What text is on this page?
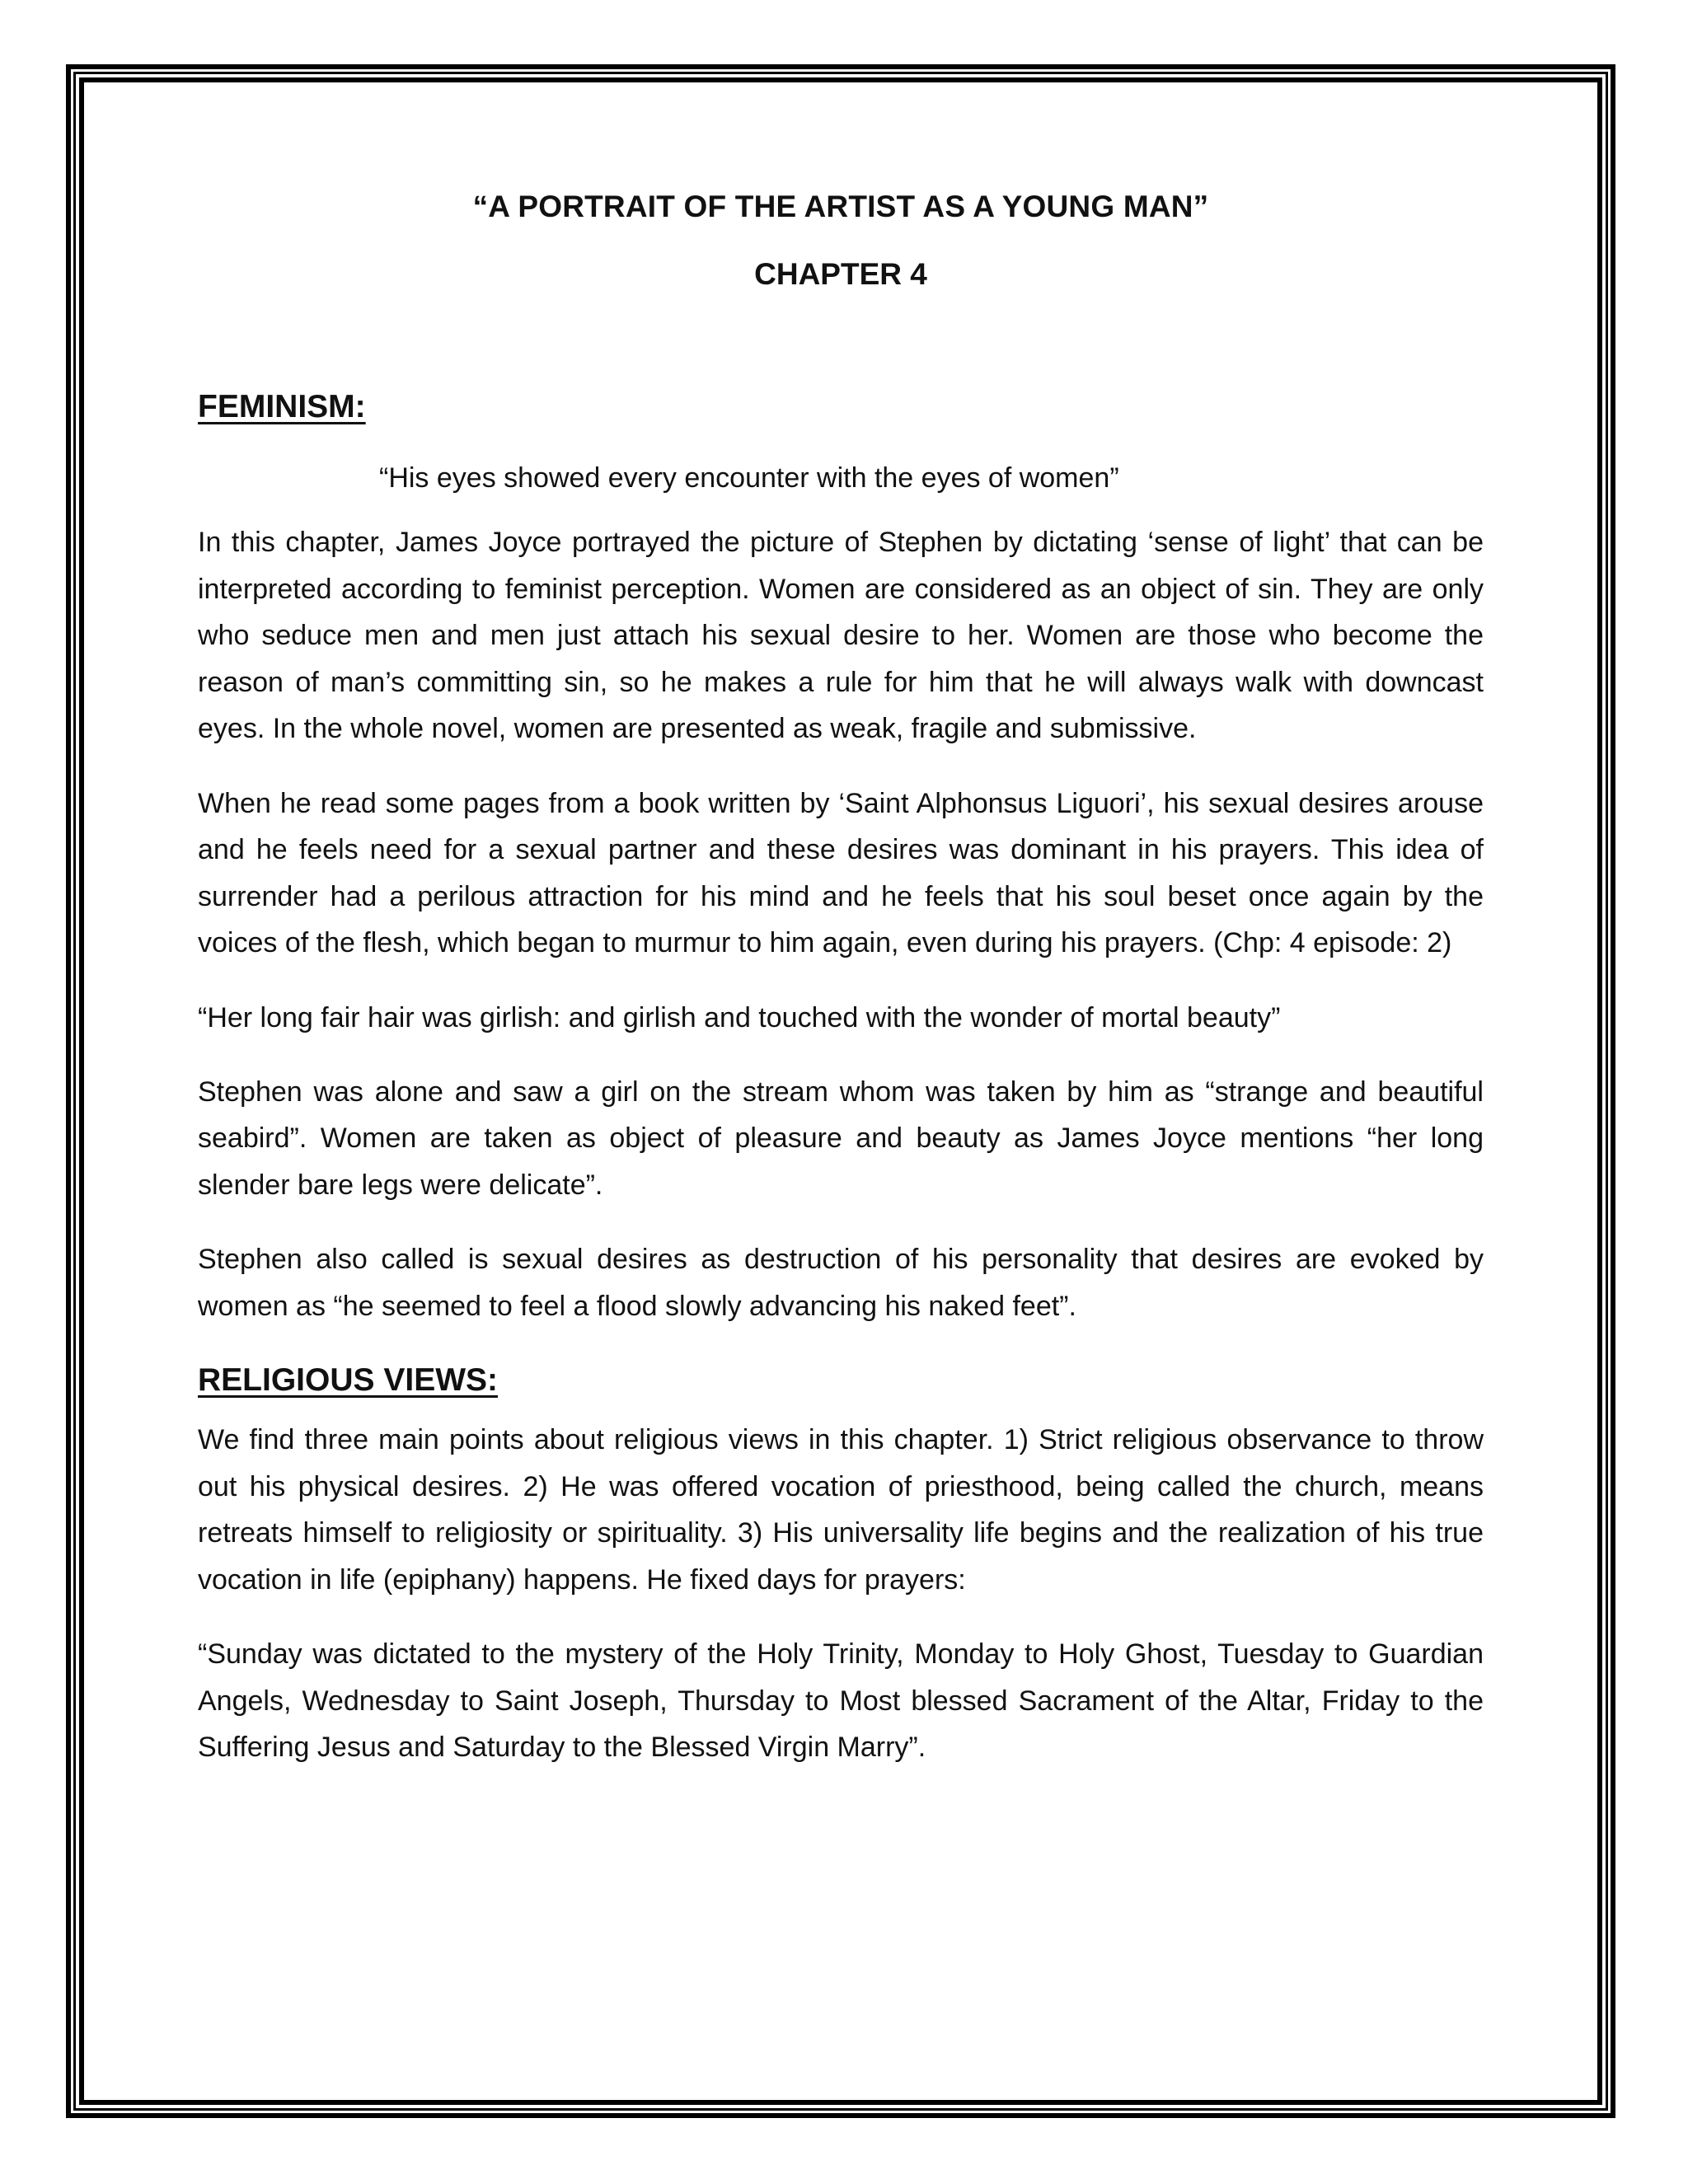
“A PORTRAIT OF THE ARTIST AS A YOUNG MAN”
CHAPTER 4
FEMINISM:

“His eyes showed every encounter with the eyes of women”

In this chapter, James Joyce portrayed the picture of Stephen by dictating ‘sense of light’ that can be interpreted according to feminist perception. Women are considered as an object of sin. They are only who seduce men and men just attach his sexual desire to her. Women are those who become the reason of man’s committing sin, so he makes a rule for him that he will always walk with downcast eyes. In the whole novel, women are presented as weak, fragile and submissive.

When he read some pages from a book written by ‘Saint Alphonsus Liguori’, his sexual desires arouse and he feels need for a sexual partner and these desires was dominant in his prayers. This idea of surrender had a perilous attraction for his mind and he feels that his soul beset once again by the voices of the flesh, which began to murmur to him again, even during his prayers. (Chp: 4 episode: 2)

“Her long fair hair was girlish: and girlish and touched with the wonder of mortal beauty”

Stephen was alone and saw a girl on the stream whom was taken by him as “strange and beautiful seabird”. Women are taken as object of pleasure and beauty as James Joyce mentions “her long slender bare legs were delicate”.

Stephen also called is sexual desires as destruction of his personality that desires are evoked by women as “he seemed to feel a flood slowly advancing his naked feet”.

RELIGIOUS VIEWS:

We find three main points about religious views in this chapter. 1) Strict religious observance to throw out his physical desires. 2) He was offered vocation of priesthood, being called the church, means retreats himself to religiosity or spirituality. 3) His universality life begins and the realization of his true vocation in life (epiphany) happens. He fixed days for prayers:

“Sunday was dictated to the mystery of the Holy Trinity, Monday to Holy Ghost, Tuesday to Guardian Angels, Wednesday to Saint Joseph, Thursday to Most blessed Sacrament of the Altar, Friday to the Suffering Jesus and Saturday to the Blessed Virgin Marry”.
